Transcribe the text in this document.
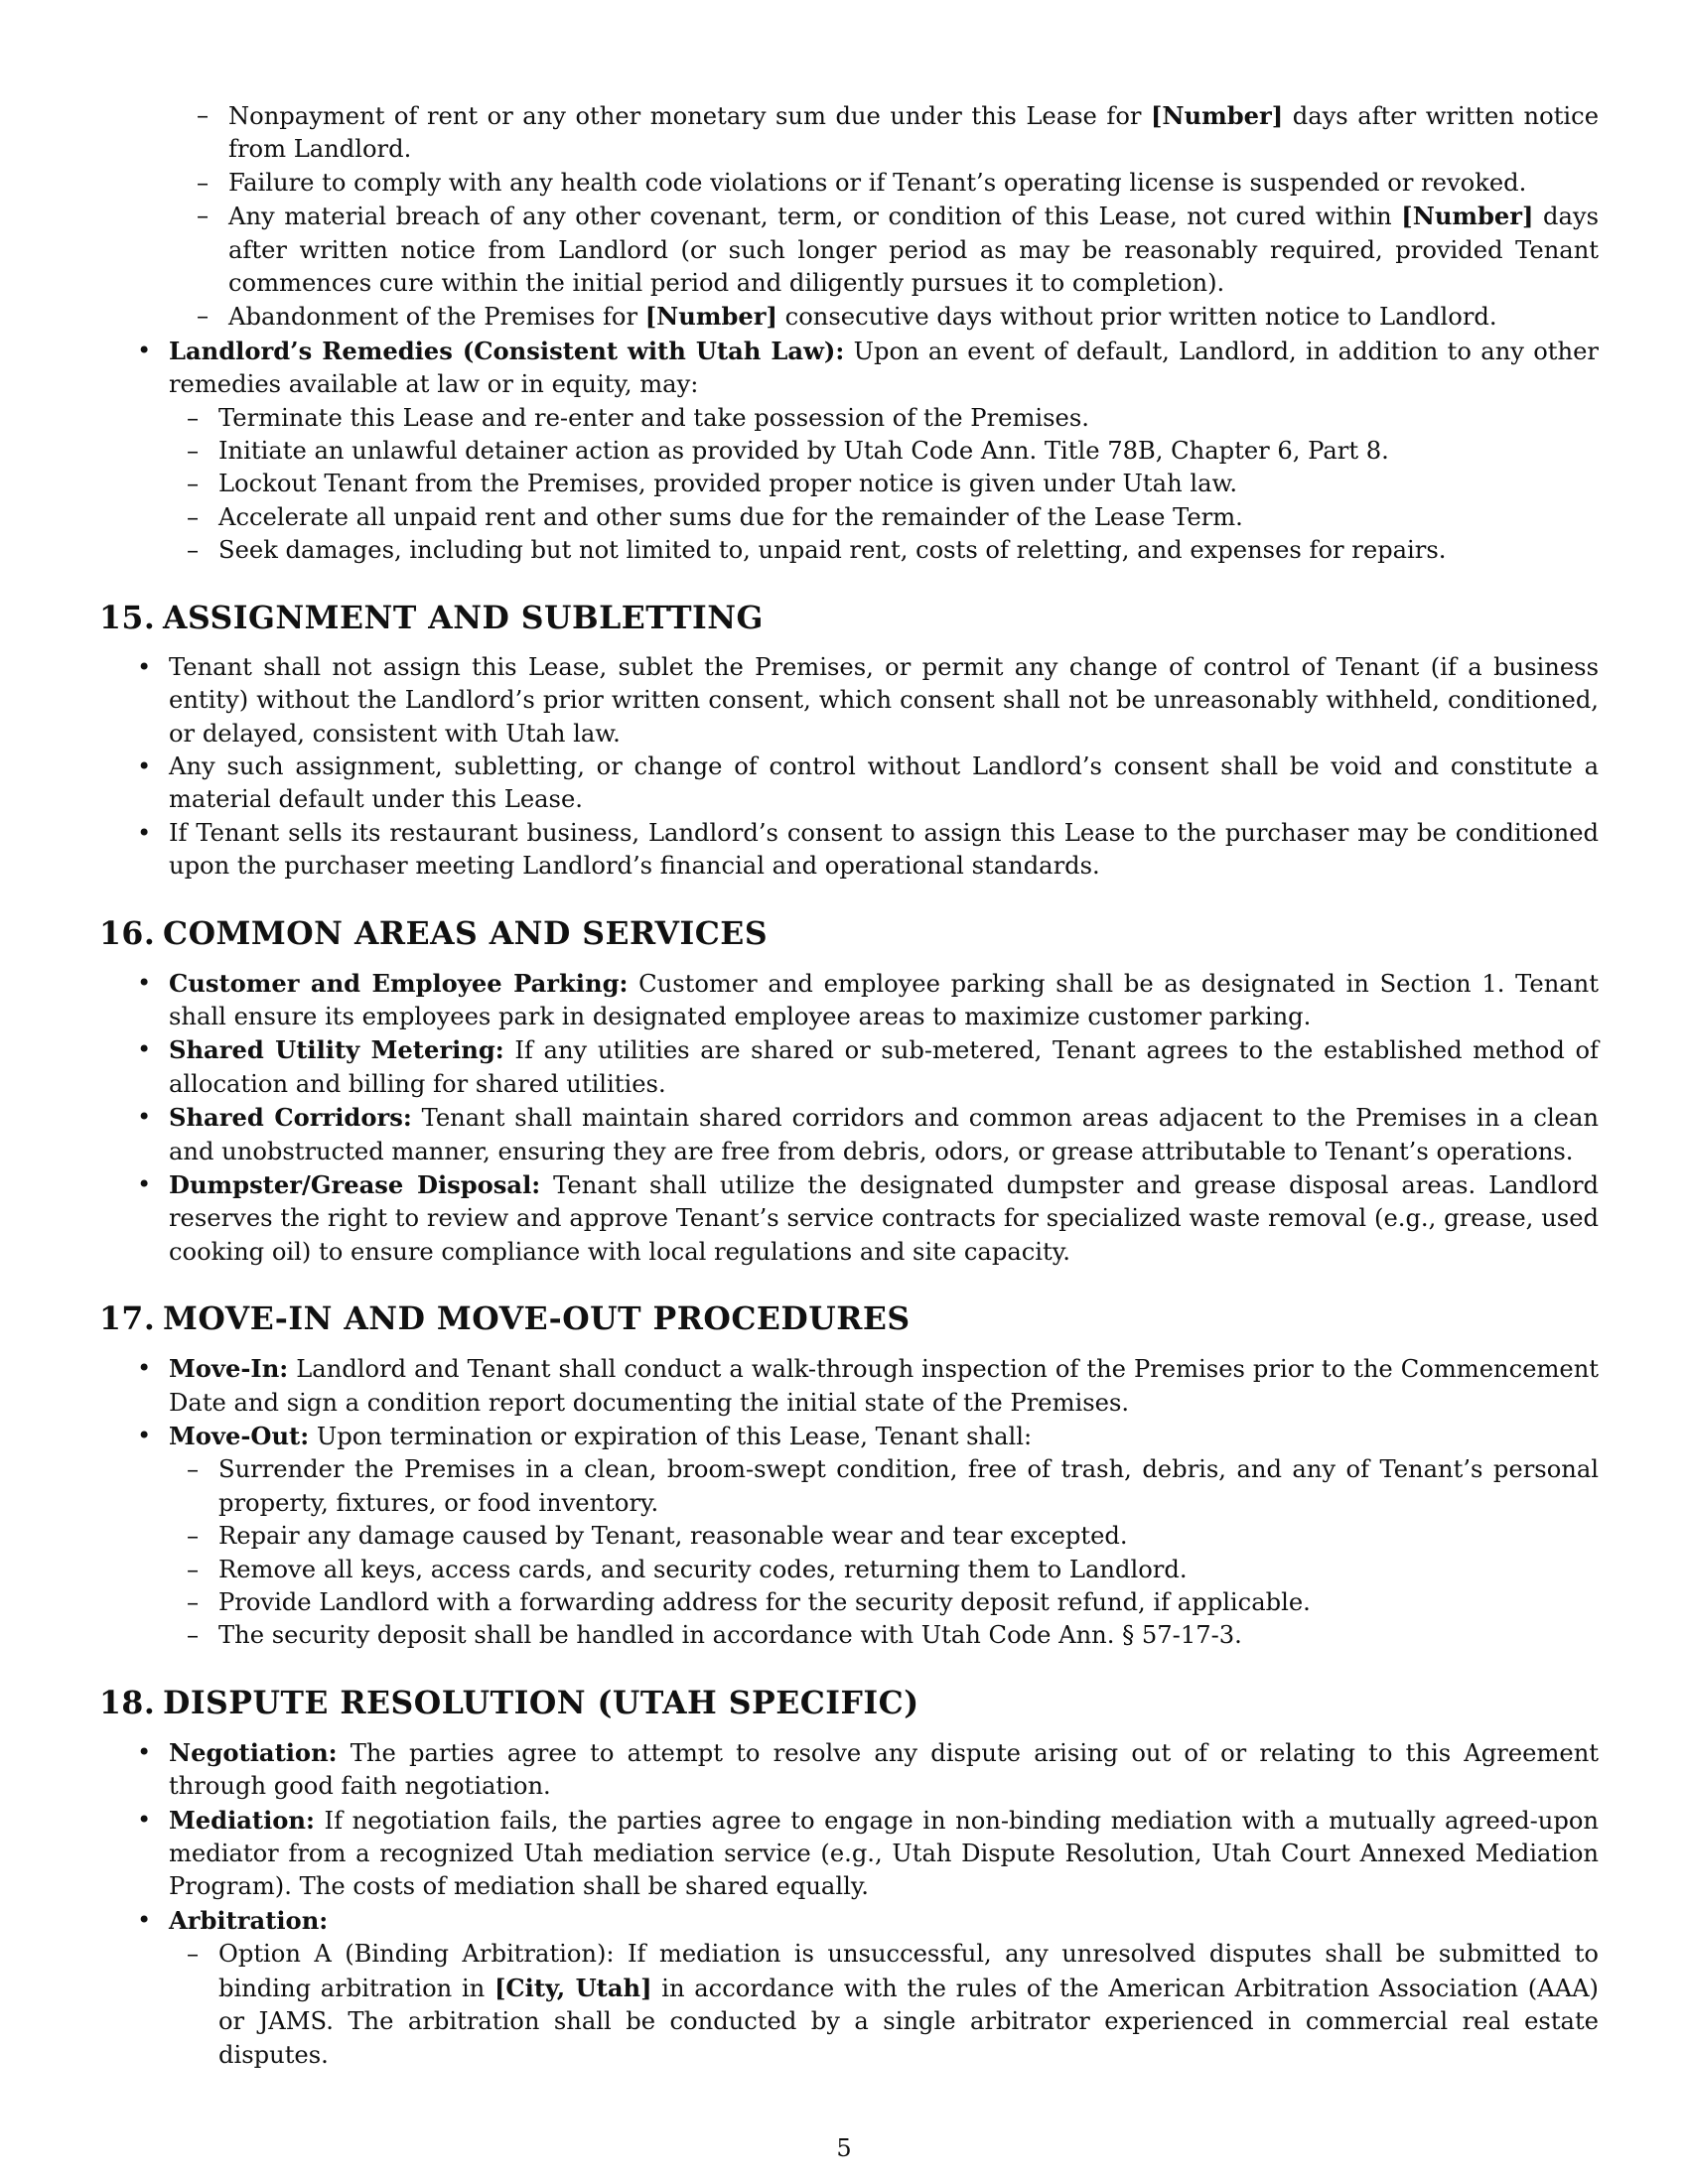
– Nonpayment of rent or any other monetary sum due under this Lease for [Number] days after written notice from Landlord.
– Failure to comply with any health code violations or if Tenant’s operating license is suspended or revoked.
– Any material breach of any other covenant, term, or condition of this Lease, not cured within [Number] days after written notice from Landlord (or such longer period as may be reasonably required, provided Tenant commences cure within the initial period and diligently pursues it to completion).
– Abandonment of the Premises for [Number] consecutive days without prior written notice to Landlord.
• Landlord’s Remedies (Consistent with Utah Law): Upon an event of default, Landlord, in addition to any other remedies available at law or in equity, may:
– Terminate this Lease and re-enter and take possession of the Premises.
– Initiate an unlawful detainer action as provided by Utah Code Ann. Title 78B, Chapter 6, Part 8.
– Lockout Tenant from the Premises, provided proper notice is given under Utah law.
– Accelerate all unpaid rent and other sums due for the remainder of the Lease Term.
– Seek damages, including but not limited to, unpaid rent, costs of reletting, and expenses for repairs.
15. ASSIGNMENT AND SUBLETTING
• Tenant shall not assign this Lease, sublet the Premises, or permit any change of control of Tenant (if a business entity) without the Landlord’s prior written consent, which consent shall not be unreasonably withheld, conditioned, or delayed, consistent with Utah law.
• Any such assignment, subletting, or change of control without Landlord’s consent shall be void and constitute a material default under this Lease.
• If Tenant sells its restaurant business, Landlord’s consent to assign this Lease to the purchaser may be conditioned upon the purchaser meeting Landlord’s financial and operational standards.
16. COMMON AREAS AND SERVICES
• Customer and Employee Parking: Customer and employee parking shall be as designated in Section 1. Tenant shall ensure its employees park in designated employee areas to maximize customer parking.
• Shared Utility Metering: If any utilities are shared or sub-metered, Tenant agrees to the established method of allocation and billing for shared utilities.
• Shared Corridors: Tenant shall maintain shared corridors and common areas adjacent to the Premises in a clean and unobstructed manner, ensuring they are free from debris, odors, or grease attributable to Tenant’s operations.
• Dumpster/Grease Disposal: Tenant shall utilize the designated dumpster and grease disposal areas. Landlord reserves the right to review and approve Tenant’s service contracts for specialized waste removal (e.g., grease, used cooking oil) to ensure compliance with local regulations and site capacity.
17. MOVE-IN AND MOVE-OUT PROCEDURES
• Move-In: Landlord and Tenant shall conduct a walk-through inspection of the Premises prior to the Commencement Date and sign a condition report documenting the initial state of the Premises.
• Move-Out: Upon termination or expiration of this Lease, Tenant shall:
– Surrender the Premises in a clean, broom-swept condition, free of trash, debris, and any of Tenant’s personal property, fixtures, or food inventory.
– Repair any damage caused by Tenant, reasonable wear and tear excepted.
– Remove all keys, access cards, and security codes, returning them to Landlord.
– Provide Landlord with a forwarding address for the security deposit refund, if applicable.
– The security deposit shall be handled in accordance with Utah Code Ann. § 57-17-3.
18. DISPUTE RESOLUTION (UTAH SPECIFIC)
• Negotiation: The parties agree to attempt to resolve any dispute arising out of or relating to this Agreement through good faith negotiation.
• Mediation: If negotiation fails, the parties agree to engage in non-binding mediation with a mutually agreed-upon mediator from a recognized Utah mediation service (e.g., Utah Dispute Resolution, Utah Court Annexed Mediation Program). The costs of mediation shall be shared equally.
• Arbitration:
– Option A (Binding Arbitration): If mediation is unsuccessful, any unresolved disputes shall be submitted to binding arbitration in [City, Utah] in accordance with the rules of the American Arbitration Association (AAA) or JAMS. The arbitration shall be conducted by a single arbitrator experienced in commercial real estate disputes.
5
